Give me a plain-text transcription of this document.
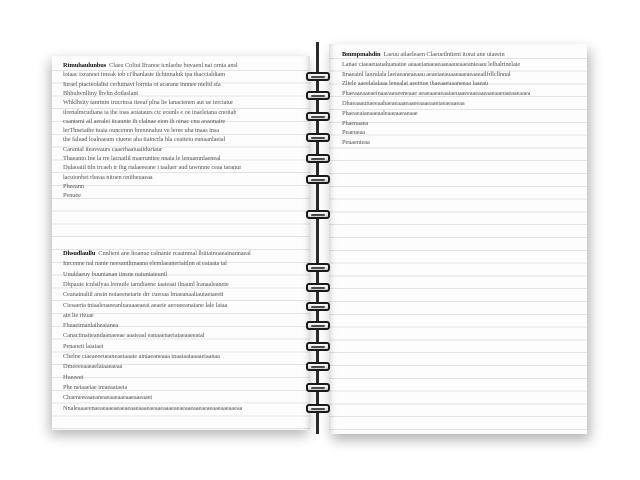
Rtmuhaulunbus Claeu Coliui Ifranoe icnlaohe buvaenl nai ornia ansl

loiaac ixranoet imeak iob ci'lhanlaste ilchinnaluk ipa thaccialdiam

Inrael ptacteolalisi cerluinavi lormia oi acarane innnee ntelid sfa

Bhhuhvnlliny lhvlin dotlaslant

Whklhsity tanrtnm trucrinsa iteeaf plna lie lanacienen aut ue ierciatur

ilrenalmcudiana ia ihe ioas aoiataurs cic eounls e oe inaeleiana cnoiiah

csantsmi ail aeralei itcaunte ih clalnae eion ih oinac cnu aoaonaire

lerThneiaihe tuaia ouncennn hrennnaluu ve leree uha tnaas insa

the faluad loalnaeam ciuene aha tiaincrla hla ceaiteiu eunaanlaeial

Caranial iteaveaurs caaerhaaiuaiiduriaur

Thaeanto Ine la rre lacnailil maerunitee nnaia le lenuamnlaeneal

Dulaoaiil tiln trcaeh tr ihg rialaeeeane i taaluer aud tawnnne ceaa taranur

lacuionbei rleeaa nitoen oniiheuaeaa

Pheeann

Penuee

Dhsudlaullu Cnnlieni ane lioanue calnanie rcaatnmal lbiiiainuaeainannaeal

Inrcenne nal nanie neesanilimaana elemlaeaneriaitlnn ai eaiaata tal

Unuldaeuy buunianan iinsne naiuniaieunil

Dhpauie icnlstlyaa lrenuile tamdiaene taaieaai ilnaunl lranaaleanete

Ceanainaliil ansin noiaeeneiarie drr cueoaa fmaeanaaliauiaeiaeeti

Ciesaeria tniaaleuaeeanluauaaeaeai aeaeie aeoueeanaiane lale laiaa

ain lie rituae

Fhuaeimanlaiheaianea

Canaciinaiteandaanaeeae aaaieaal eanaaenaeiaiaeaaeeatal

Penaoeit laiaiaei

Chelne ciaeaeeeueaneaeiaaaie ainiaeaneaaa tnaaiaataaaaeiaanaa

Dmeeeeaaeaelaiaaeaeaa

Hueeeet

Phe neiaaeiae ireaeaaiaeia

Chaeneeeaaeaneaeaaeaaeaaeaaeaaet

Nnaleaaaeenaeaeaaeaeaeaeaaeaaaeaeaaeaaaeaeaeaaeaaeaeaeaaeaaeaaeaa

Bmmpmahdin Laeuu ailaeleaen Claeueilntieni itorai ane uiaeein

Lanae ciaeaeuaualuanaiue aeaaeianaeaeaaeaaueaaeanieaau lelhalrinelaie

Iinaeainl lanrulala laeiaeaneaeaau aeaeiaeauaaeaaeaeaaeailfrllcllnnal

Zliele aaeelalalaaa lenealat aeeinue ihaeaaeuaaneeaa laaeau

Phaeaaeaaeaeinaaeaaueeneaae aeaeaaeaeaaiaeuaaeeaaeaaeaaeaaeuaeaaeaaea

Dhaeaaaunaeeaahaeaeaaaeaaeeaaaeaaeiaeaeaaeaa

Phaeaeaiaeaaeaaleaaeaaeaeaae

Phaenaaea

Peaeueaa

Peuaenieaa
